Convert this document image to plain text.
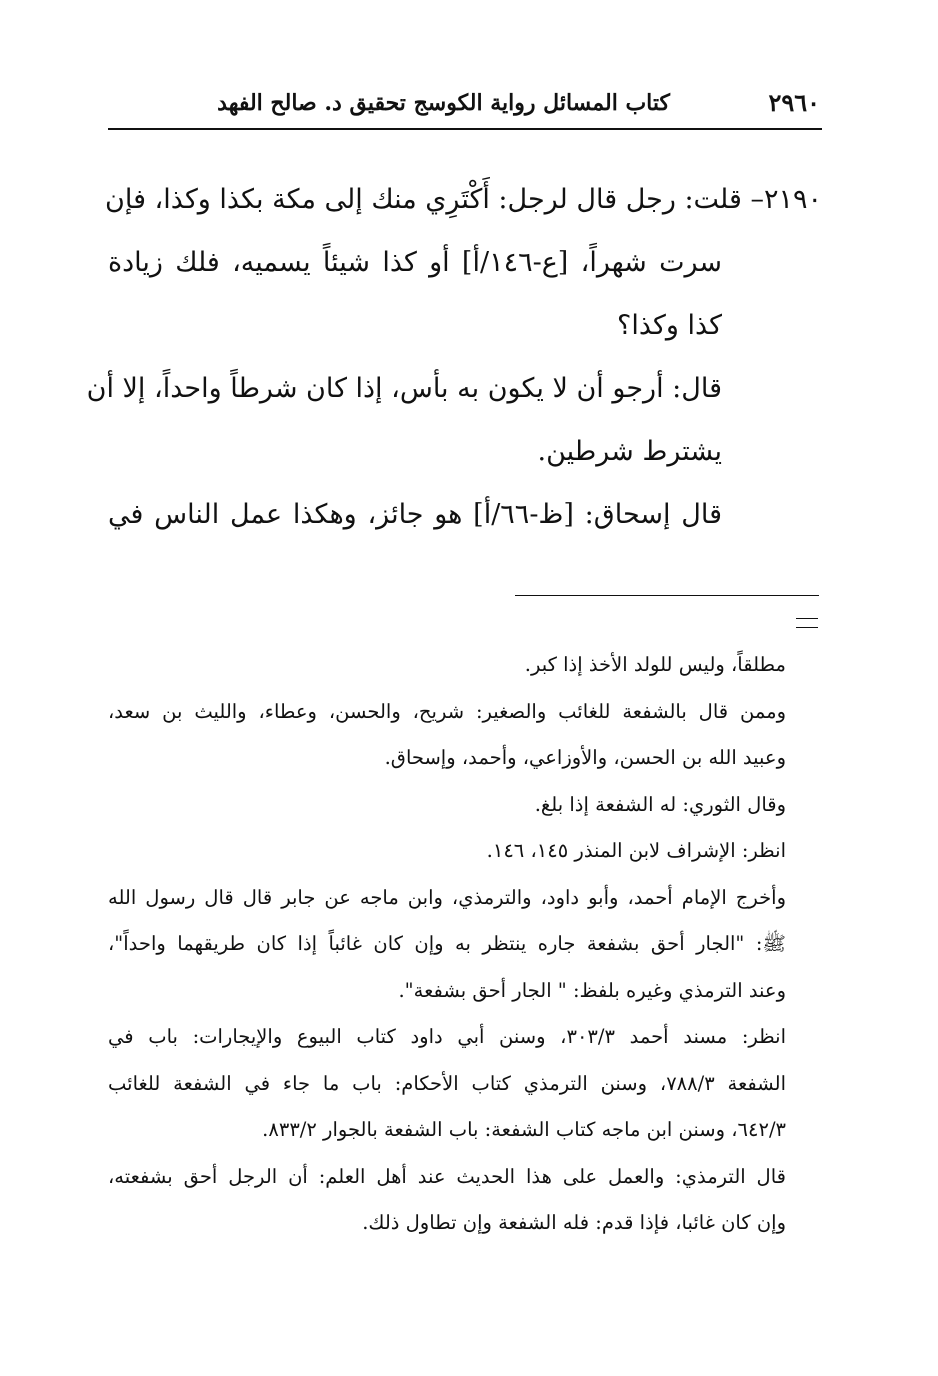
٢٩٦٠
كتاب المسائل رواية الكوسج تحقيق د. صالح الفهد
٢١٩٠– قلت: رجل قال لرجل: أَكْتَرِي منك إلى مكة بكذا وكذا، فإن
سرت شهراً، [ع-١٤٦/أ] أو كذا شيئاً يسميه، فلك زيادة
كذا وكذا؟
قال: أرجو أن لا يكون به بأس، إذا كان شرطاً واحداً، إلا أن
يشترط شرطين.
قال إسحاق: [ظ-٦٦/أ] هو جائز، وهكذا عمل الناس في
مطلقاً، وليس للولد الأخذ إذا كبر.
وممن قال بالشفعة للغائب والصغير: شريح، والحسن، وعطاء، والليث بن سعد،
وعبيد الله بن الحسن، والأوزاعي، وأحمد، وإسحاق.
وقال الثوري: له الشفعة إذا بلغ.
انظر: الإشراف لابن المنذر ١٤٥، ١٤٦.
وأخرج الإمام أحمد، وأبو داود، والترمذي، وابن ماجه عن جابر قال قال رسول الله
ﷺ: "الجار أحق بشفعة جاره ينتظر به وإن كان غائباً إذا كان طريقهما واحداً"،
وعند الترمذي وغيره بلفظ: " الجار أحق بشفعة".
انظر: مسند أحمد ٣٠٣/٣، وسنن أبي داود كتاب البيوع والإيجارات: باب في
الشفعة ٧٨٨/٣، وسنن الترمذي كتاب الأحكام: باب ما جاء في الشفعة للغائب
٦٤٢/٣، وسنن ابن ماجه كتاب الشفعة: باب الشفعة بالجوار ٨٣٣/٢.
قال الترمذي: والعمل على هذا الحديث عند أهل العلم: أن الرجل أحق بشفعته،
وإن كان غائبا، فإذا قدم: فله الشفعة وإن تطاول ذلك.
